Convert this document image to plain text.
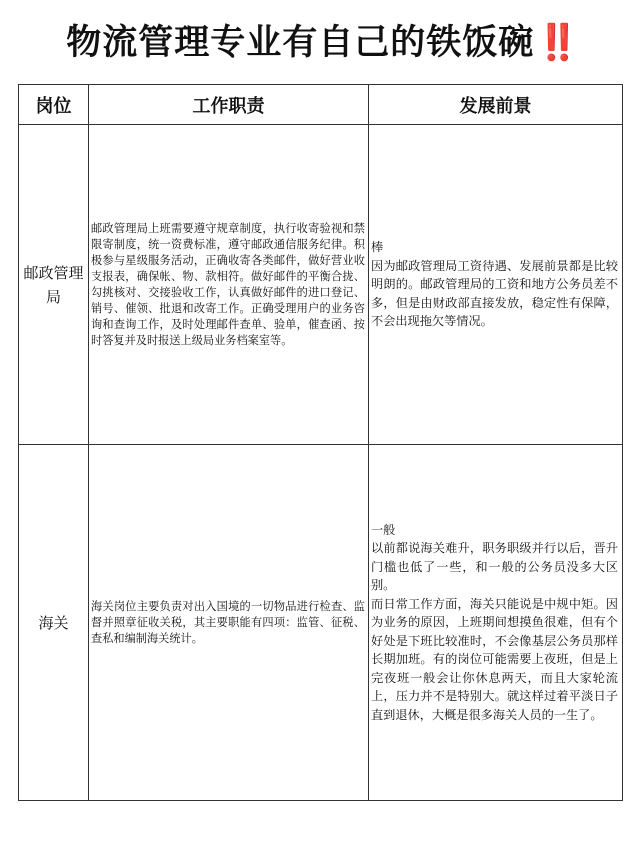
物流管理专业有自己的铁饭碗‼️
岗位	工作职责	发展前景
邮政管理局	邮政管理局上班需要遵守规章制度，执行收寄验视和禁限寄制度，统一资费标准，遵守邮政通信服务纪律。积极参与星级服务活动，正确收寄各类邮件，做好营业收支报表，确保帐、物、款相符。做好邮件的平衡合拢、勾挑核对、交接验收工作，认真做好邮件的进口登记、销号、催领、批退和改寄工作。正确受理用户的业务咨询和查询工作，及时处理邮件查单、验单，催查函、按时答复并及时报送上级局业务档案室等。	棒
因为邮政管理局工资待遇、发展前景都是比较明朗的。邮政管理局的工资和地方公务员差不多，但是由财政部直接发放，稳定性有保障，不会出现拖欠等情况。

海关	海关岗位主要负责对出入国境的一切物品进行检查、监督并照章征收关税，其主要职能有四项：监管、征税、查私和编制海关统计。	一般
以前都说海关难升，职务职级并行以后，晋升门槛也低了一些，和一般的公务员没多大区别。
而日常工作方面，海关只能说是中规中矩。因为业务的原因，上班期间想摸鱼很难，但有个好处是下班比较准时，不会像基层公务员那样长期加班。有的岗位可能需要上夜班，但是上完夜班一般会让你休息两天，而且大家轮流上，压力并不是特别大。就这样过着平淡日子直到退休，大概是很多海关人员的一生了。
